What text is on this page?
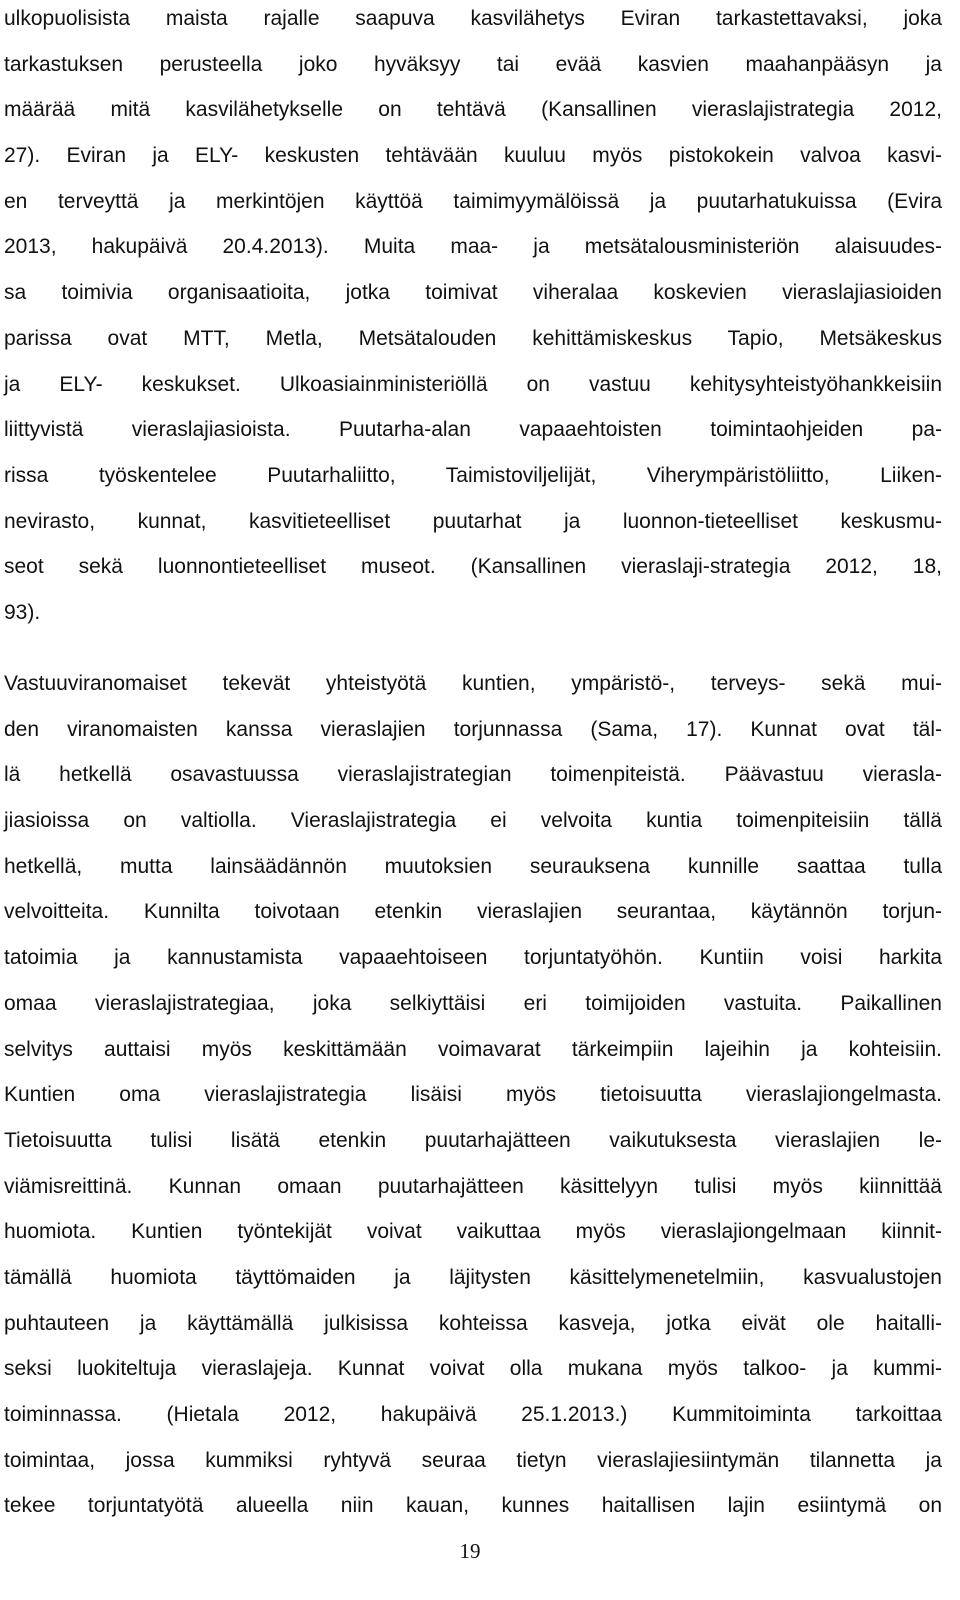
ulkopuolisista maista rajalle saapuva kasvilähetys Eviran tarkastettavaksi, joka
tarkastuksen perusteella joko hyväksyy tai evää kasvien maahanpääsyn ja
määrää mitä kasvilähetykselle on tehtävä (Kansallinen vieraslajistrategia 2012,
27). Eviran ja ELY- keskusten tehtävään kuuluu myös pistokokein valvoa kasvi-
en terveyttä ja merkintöjen käyttöä taimimyymälöissä ja puutarhatukuissa (Evira
2013, hakupäivä 20.4.2013). Muita maa- ja metsätalousministeriön alaisuudes-
sa toimivia organisaatioita, jotka toimivat viheralaa koskevien vieraslajiasioiden
parissa ovat MTT, Metla, Metsätalouden kehittämiskeskus Tapio, Metsäkeskus
ja ELY- keskukset. Ulkoasiainministeriöllä on vastuu kehitysyhteistyöhankkeisiin
liittyvistä vieraslajiasioista. Puutarha-alan vapaaehtoisten toimintaohjeiden pa-
rissa työskentelee Puutarhaliitto, Taimistoviljelijät, Viherympäristöliitto, Liiken-
nevirasto, kunnat, kasvitieteelliset puutarhat ja luonnon-tieteelliset keskusmu-
seot sekä luonnontieteelliset museot. (Kansallinen vieraslaji-strategia 2012, 18,
93).
Vastuuviranomaiset tekevät yhteistyötä kuntien, ympäristö-, terveys- sekä mui-
den viranomaisten kanssa vieraslajien torjunnassa (Sama, 17). Kunnat ovat täl-
lä hetkellä osavastuussa vieraslajistrategian toimenpiteistä. Päävastuu vierasla-
jiasioissa on valtiolla. Vieraslajistrategia ei velvoita kuntia toimenpiteisiin tällä
hetkellä, mutta lainsäädännön muutoksien seurauksena kunnille saattaa tulla
velvoitteita. Kunnilta toivotaan etenkin vieraslajien seurantaa, käytännön torjun-
tatoimia ja kannustamista vapaaehtoiseen torjuntatyöhön. Kuntiin voisi harkita
omaa vieraslajistrategiaa, joka selkiyttäisi eri toimijoiden vastuita. Paikallinen
selvitys auttaisi myös keskittämään voimavarat tärkeimpiin lajeihin ja kohteisiin.
Kuntien oma vieraslajistrategia lisäisi myös tietoisuutta vieraslajiongelmasta.
Tietoisuutta tulisi lisätä etenkin puutarhajätteen vaikutuksesta vieraslajien le-
viämisreittinä. Kunnan omaan puutarhajätteen käsittelyyn tulisi myös kiinnittää
huomiota. Kuntien työntekijät voivat vaikuttaa myös vieraslajiongelmaan kiinnit-
tämällä huomiota täyttömaiden ja läjitysten käsittelymenetelmiin, kasvualustojen
puhtauteen ja käyttämällä julkisissa kohteissa kasveja, jotka eivät ole haitalli-
seksi luokiteltuja vieraslajeja. Kunnat voivat olla mukana myös talkoo- ja kummi-
toiminnassa. (Hietala 2012, hakupäivä 25.1.2013.) Kummitoiminta tarkoittaa
toimintaa, jossa kummiksi ryhtyvä seuraa tietyn vieraslajiesiintymän tilannetta ja
tekee torjuntatyötä alueella niin kauan, kunnes haitallisen lajin esiintymä on
19
